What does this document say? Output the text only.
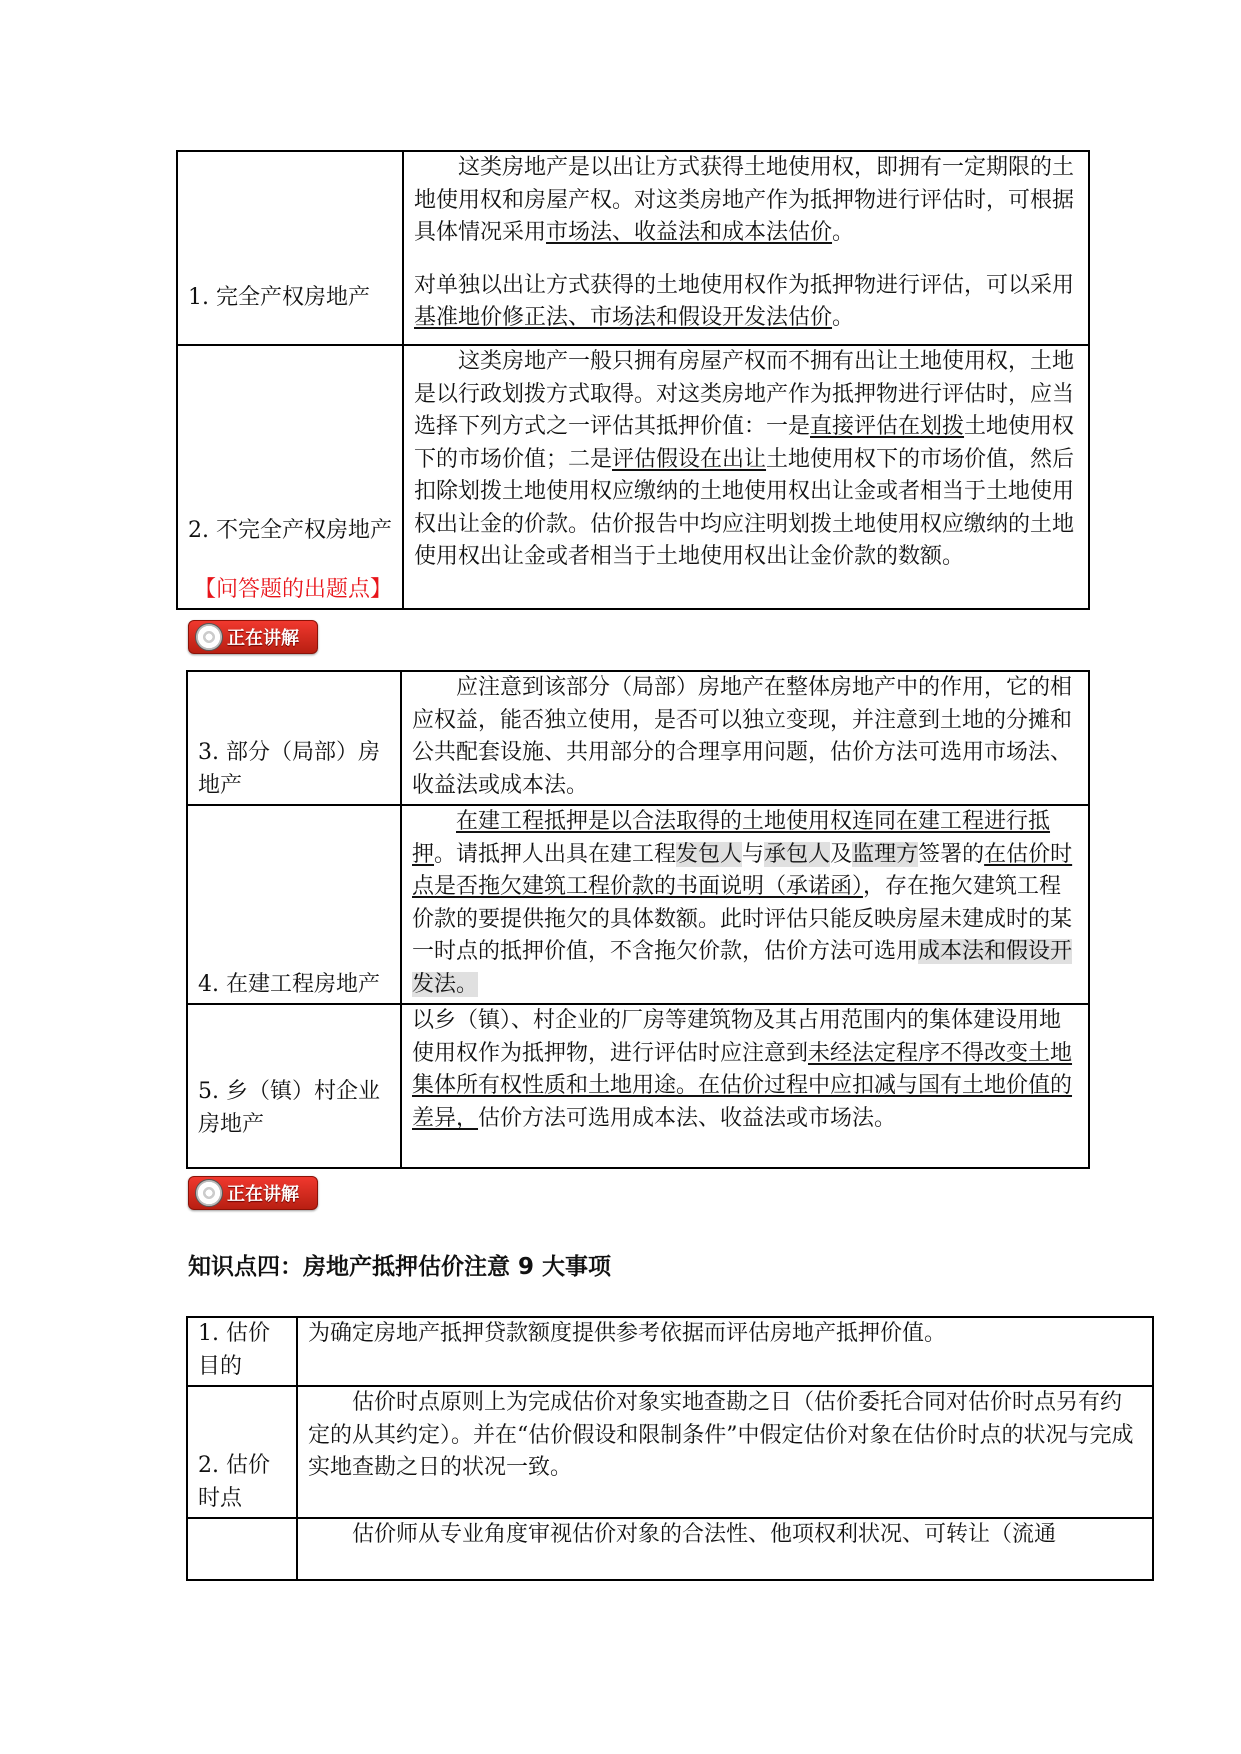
1. 完全产权房地产	这类房地产是以出让方式获得土地使用权，即拥有一定期限的土地使用权和房屋产权。对这类房地产作为抵押物进行评估时，可根据具体情况采用市场法、收益法和成本法估价。

对单独以出让方式获得的土地使用权作为抵押物进行评估，可以采用基准地价修正法、市场法和假设开发法估价。

2. 不完全产权房地产
【问答题的出题点】	这类房地产一般只拥有房屋产权而不拥有出让土地使用权，土地是以行政划拨方式取得。对这类房地产作为抵押物进行评估时，应当选择下列方式之一评估其抵押价值：一是直接评估在划拨土地使用权下的市场价值；二是评估假设在出让土地使用权下的市场价值，然后扣除划拨土地使用权应缴纳的土地使用权出让金或者相当于土地使用权出让金的价款。估价报告中均应注明划拨土地使用权应缴纳的土地使用权出让金或者相当于土地使用权出让金价款的数额。

正在讲解
3. 部分（局部）房地产	应注意到该部分（局部）房地产在整体房地产中的作用，它的相应权益，能否独立使用，是否可以独立变现，并注意到土地的分摊和公共配套设施、共用部分的合理享用问题，估价方法可选用市场法、收益法或成本法。

4. 在建工程房地产	在建工程抵押是以合法取得的土地使用权连同在建工程进行抵押。请抵押人出具在建工程发包人与承包人及监理方签署的在估价时点是否拖欠建筑工程价款的书面说明（承诺函），存在拖欠建筑工程价款的要提供拖欠的具体数额。此时评估只能反映房屋未建成时的某一时点的抵押价值，不含拖欠价款，估价方法可选用成本法和假设开发法。

5. 乡（镇）村企业房地产	以乡（镇）、村企业的厂房等建筑物及其占用范围内的集体建设用地使用权作为抵押物，进行评估时应注意到未经法定程序不得改变土地集体所有权性质和土地用途。在估价过程中应扣减与国有土地价值的差异，估价方法可选用成本法、收益法或市场法。

正在讲解

知识点四：房地产抵押估价注意 9 大事项

1. 估价目的	为确定房地产抵押贷款额度提供参考依据而评估房地产抵押价值。

2. 估价时点	估价时点原则上为完成估价对象实地查勘之日（估价委托合同对估价时点另有约定的从其约定）。并在“估价假设和限制条件”中假定估价对象在估价时点的状况与完成实地查勘之日的状况一致。

	估价师从专业角度审视估价对象的合法性、他项权利状况、可转让（流通
